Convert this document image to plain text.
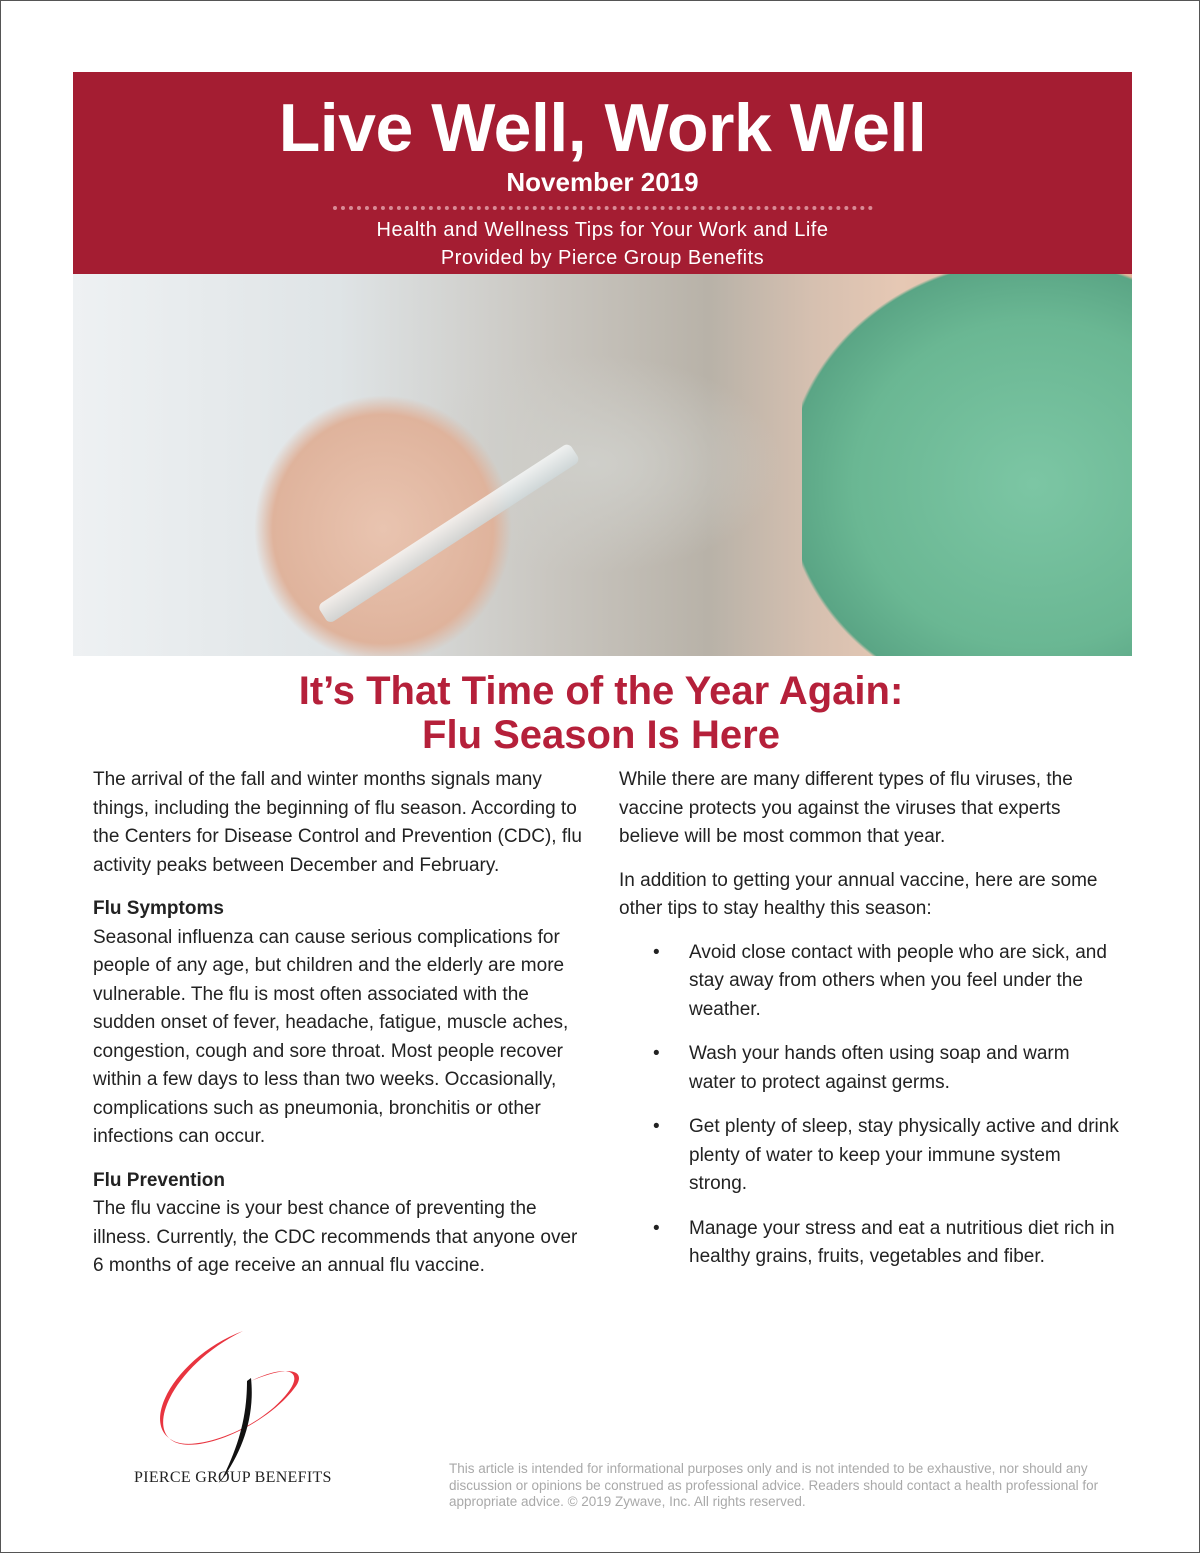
Live Well, Work Well
November 2019
Health and Wellness Tips for Your Work and Life
Provided by Pierce Group Benefits
It’s That Time of the Year Again:
Flu Season Is Here

The arrival of the fall and winter months signals many things, including the beginning of flu season. According to the Centers for Disease Control and Prevention (CDC), flu activity peaks between December and February.

Flu Symptoms

Seasonal influenza can cause serious complications for people of any age, but children and the elderly are more vulnerable. The flu is most often associated with the sudden onset of fever, headache, fatigue, muscle aches, congestion, cough and sore throat. Most people recover within a few days to less than two weeks. Occasionally, complications such as pneumonia, bronchitis or other infections can occur.

Flu Prevention

The flu vaccine is your best chance of preventing the illness. Currently, the CDC recommends that anyone over 6 months of age receive an annual flu vaccine.

While there are many different types of flu viruses, the vaccine protects you against the viruses that experts believe will be most common that year.

In addition to getting your annual vaccine, here are some other tips to stay healthy this season:

• Avoid close contact with people who are sick, and stay away from others when you feel under the weather.
• Wash your hands often using soap and warm water to protect against germs.
• Get plenty of sleep, stay physically active and drink plenty of water to keep your immune system strong.
• Manage your stress and eat a nutritious diet rich in healthy grains, fruits, vegetables and fiber.
PIERCE GRØUP BENEFITS
This article is intended for informational purposes only and is not intended to be exhaustive, nor should any discussion or opinions be construed as professional advice. Readers should contact a health professional for appropriate advice. © 2019 Zywave, Inc. All rights reserved.
